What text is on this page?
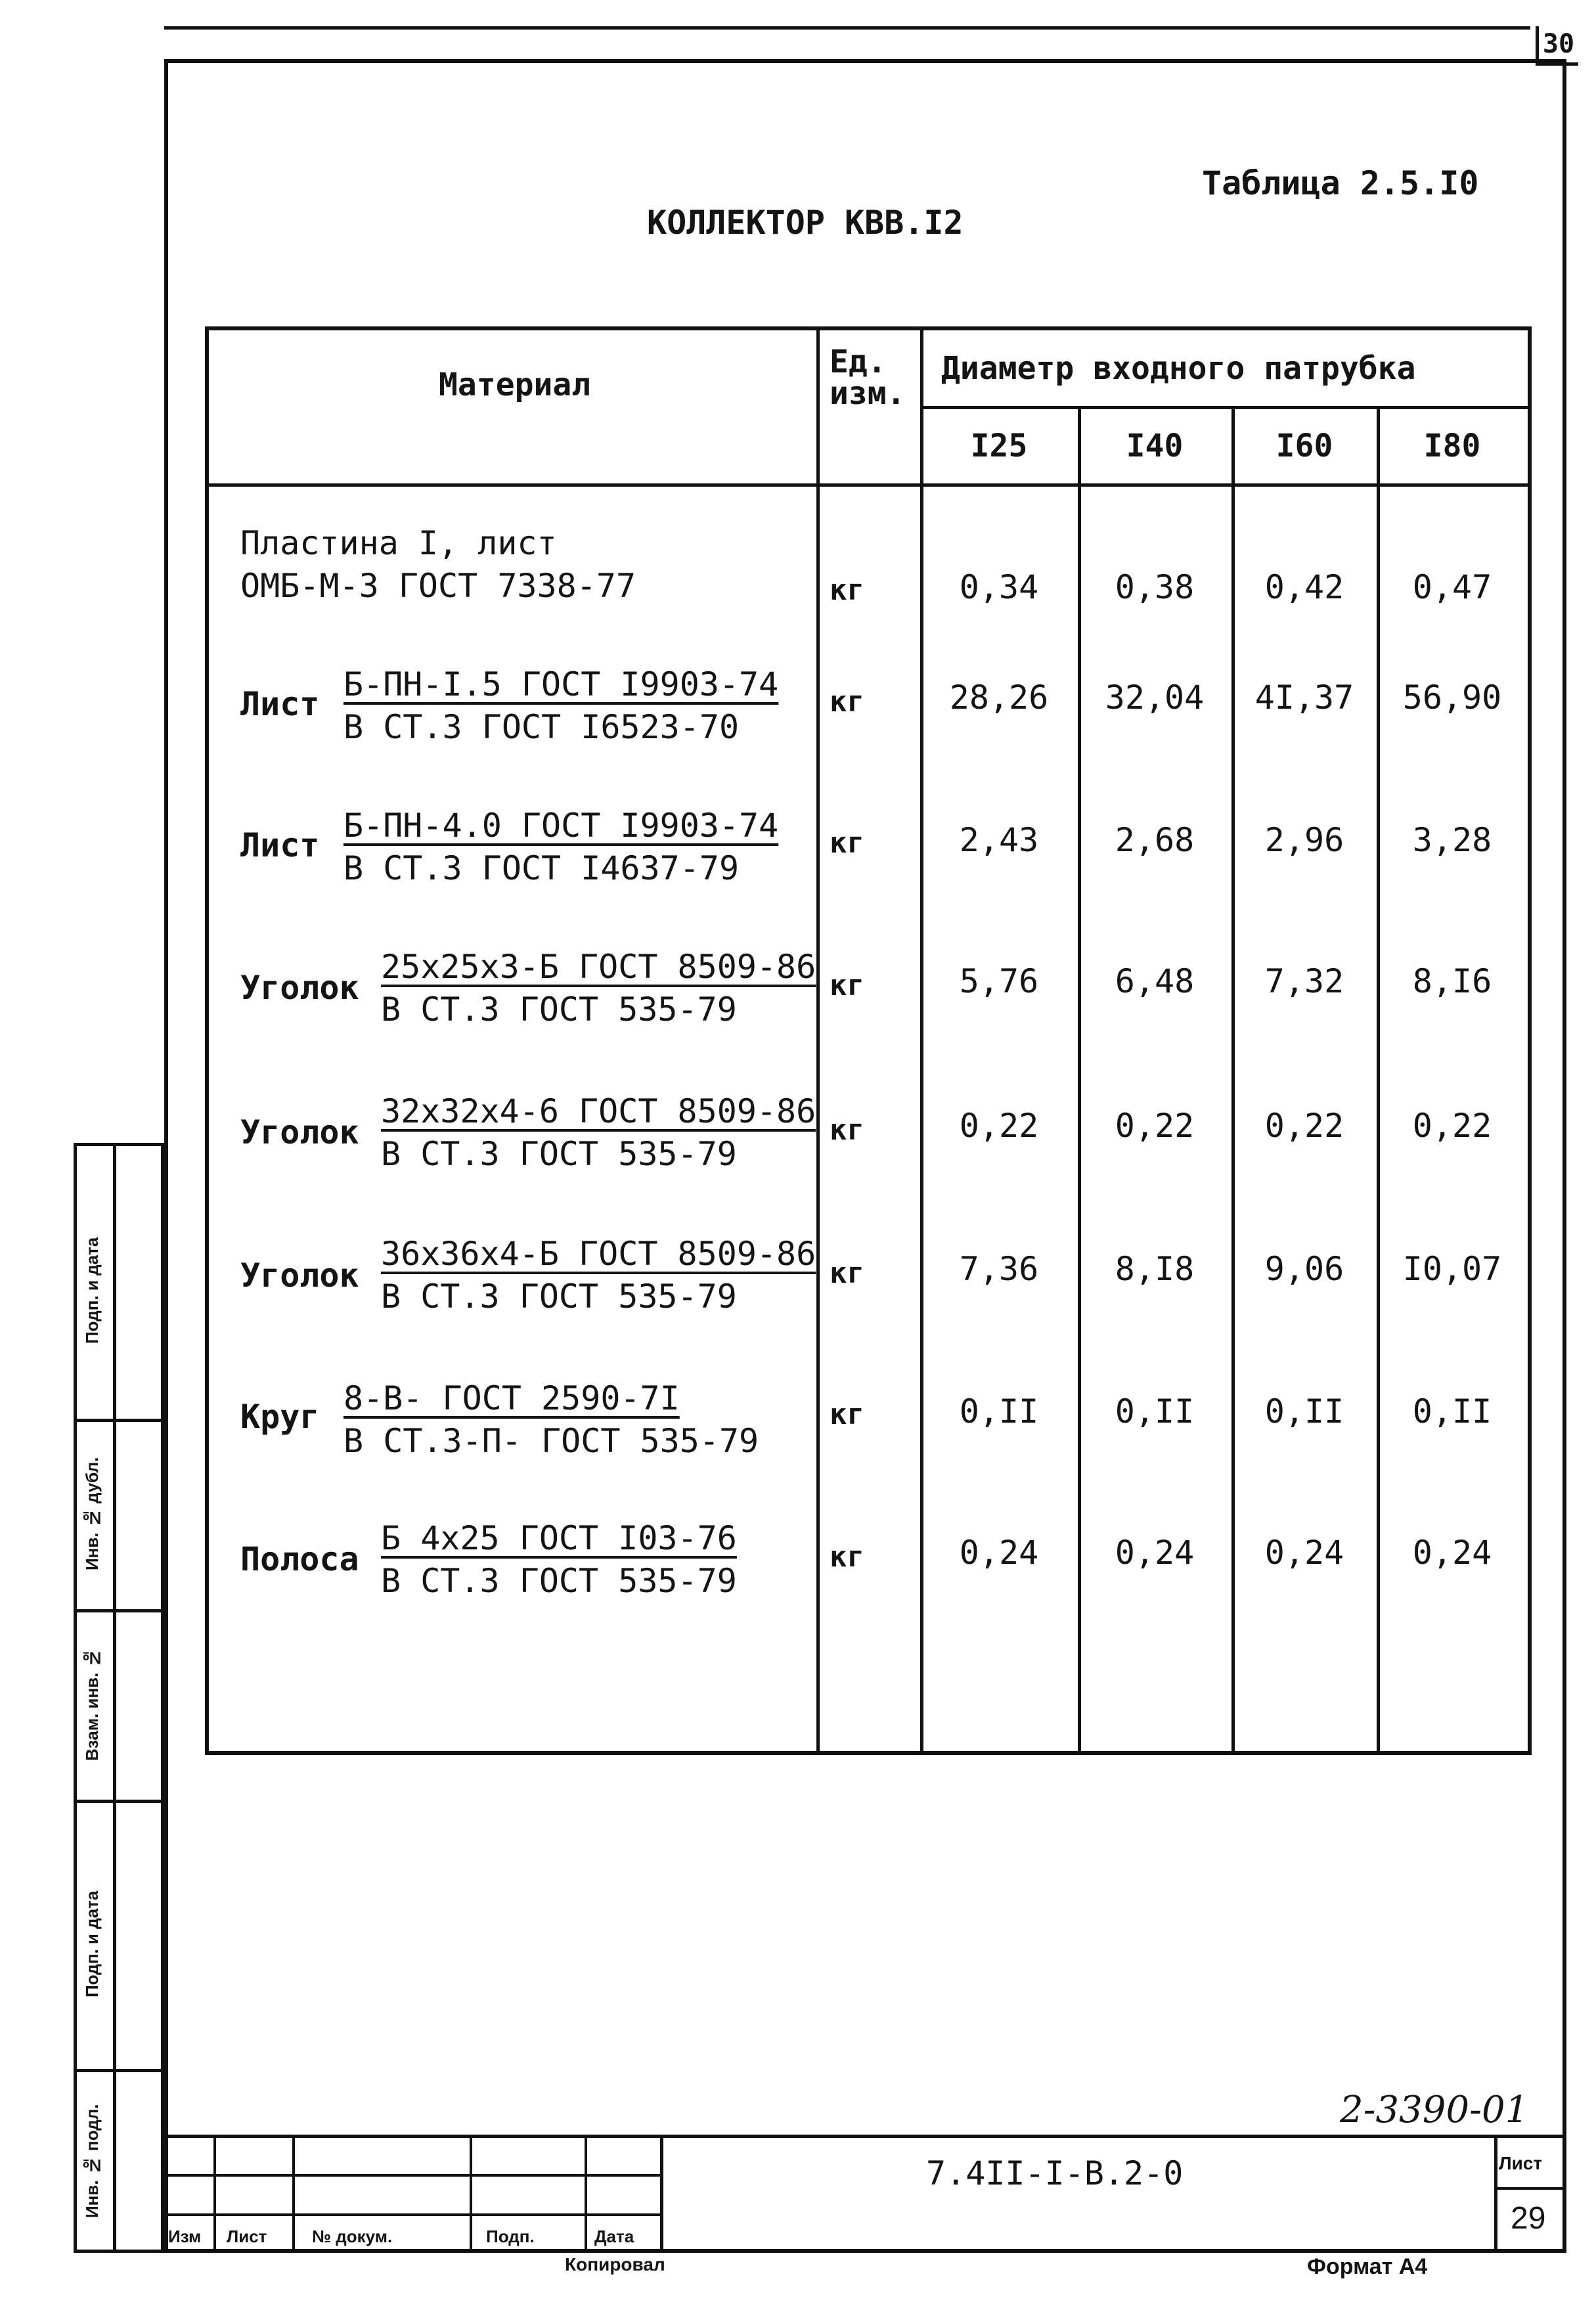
30
Таблица 2.5.I0
КОЛЛЕКТОР КВВ.I2
Материал
Ед.
изм.
Диаметр входного патрубка
I25	I40	I60	I80
Пластина I, лист
ОМБ-М-3 ГОСТ 7338-77	кг	0,34	0,38	0,42	0,47
Лист
Б-ПН-I.5 ГОСТ I9903-74
В СТ.3 ГОСТ I6523-70
кг	28,26	32,04	4I,37	56,90
Лист
Б-ПН-4.0 ГОСТ I9903-74
В СТ.3 ГОСТ I4637-79
кг	2,43	2,68	2,96	3,28
Уголок
25х25х3-Б ГОСТ 8509-86
В СТ.3 ГОСТ 535-79
кг	5,76	6,48	7,32	8,I6
Уголок
32х32х4-6 ГОСТ 8509-86
В СТ.3 ГОСТ 535-79
кг	0,22	0,22	0,22	0,22
Уголок
36х36х4-Б ГОСТ 8509-86
В СТ.3 ГОСТ 535-79
кг	7,36	8,I8	9,06	I0,07
Круг 8-В- ГОСТ 2590-7I
В СТ.3-П- ГОСТ 535-79
кг	0,II	0,II	0,II	0,II
Полоса
Б 4х25 ГОСТ I03-76
В СТ.3 ГОСТ 535-79
кг	0,24	0,24	0,24	0,24
Подп. и дата
Инв. № дубл.
Взам. инв. №
Подп. и дата
Инв. № подл.
Изм Лист	№ докум.	Подп.	Дата
2-3390-01
7.4II-I-В.2-0	Лист
29
Копировал	Формат А4
